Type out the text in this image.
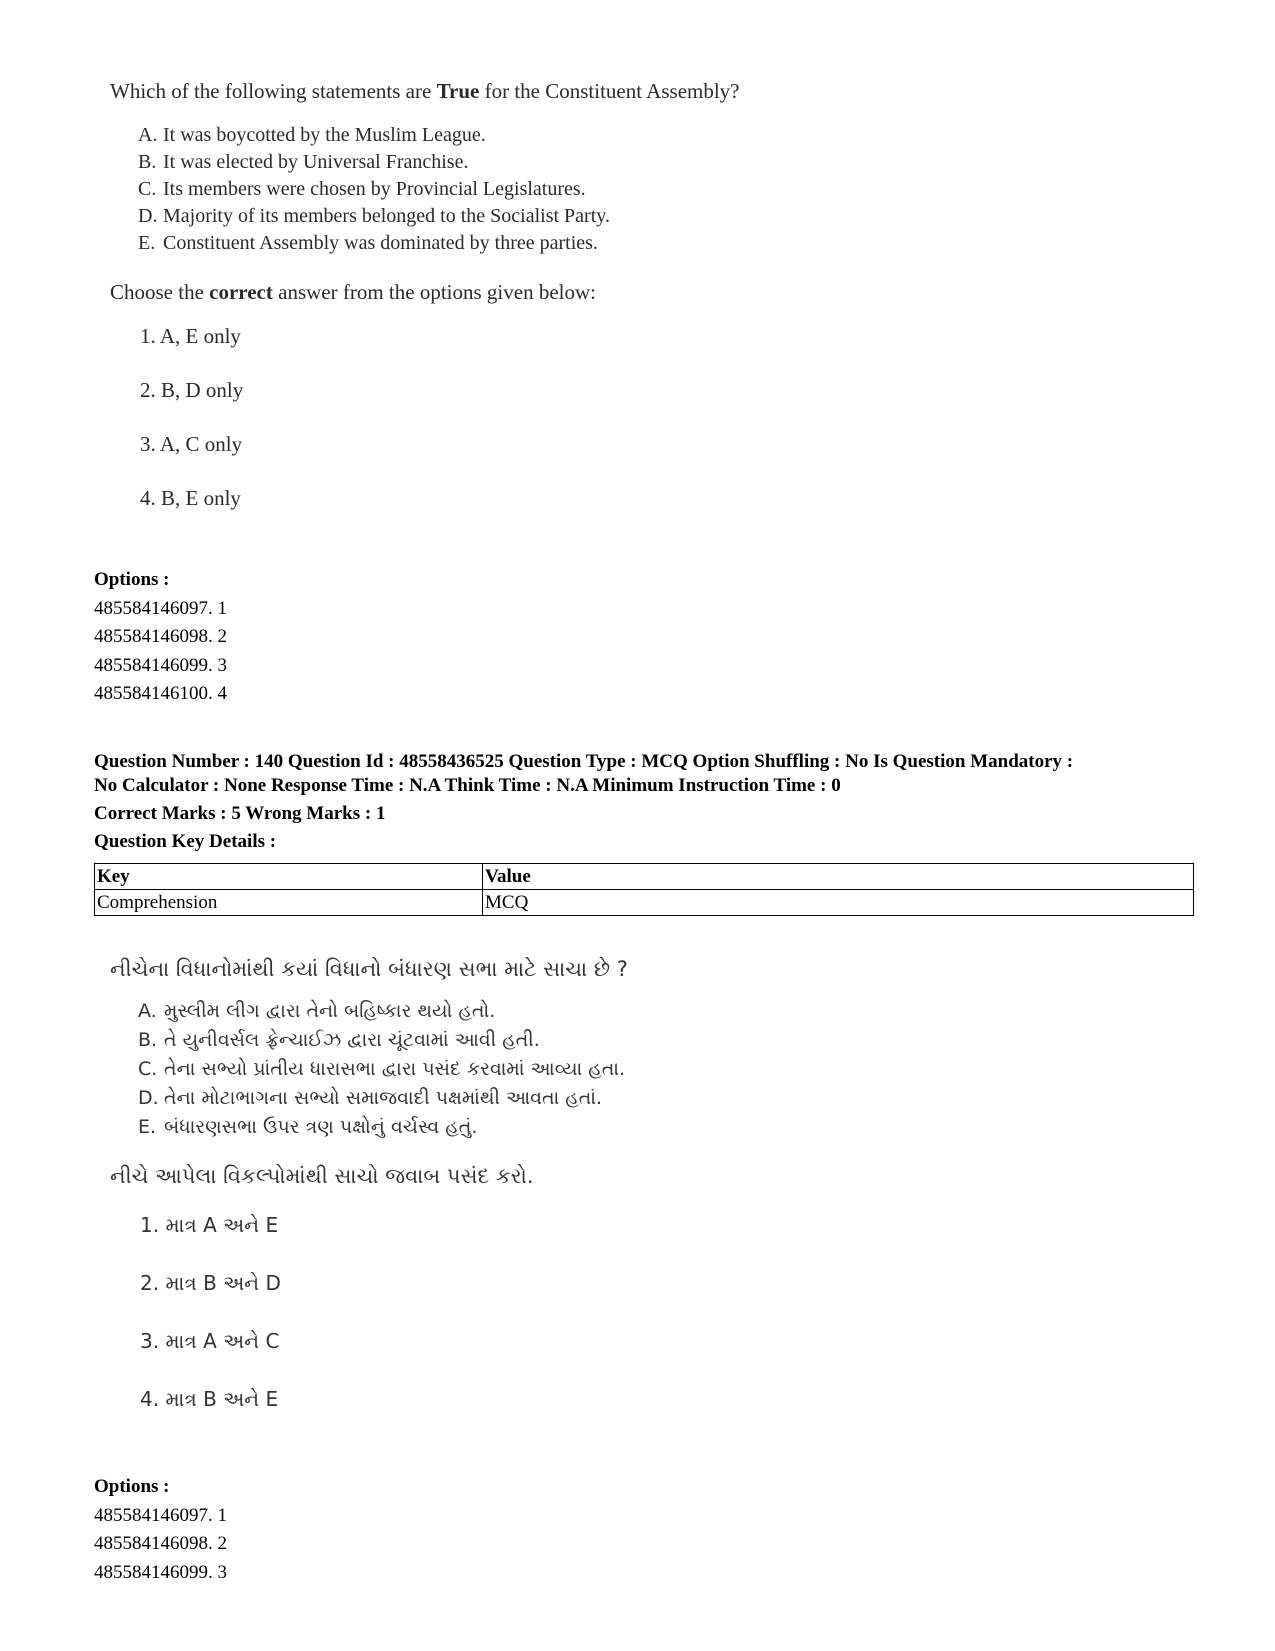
Which of the following statements are True for the Constituent Assembly?

A. It was boycotted by the Muslim League.
B. It was elected by Universal Franchise.
C. Its members were chosen by Provincial Legislatures.
D. Majority of its members belonged to the Socialist Party.
E. Constituent Assembly was dominated by three parties.

Choose the correct answer from the options given below:

1. A, E only
2. B, D only
3. A, C only
4. B, E only
Options :
485584146097. 1
485584146098. 2
485584146099. 3
485584146100. 4
Question Number : 140 Question Id : 48558436525 Question Type : MCQ Option Shuffling : No Is Question Mandatory :
No Calculator : None Response Time : N.A Think Time : N.A Minimum Instruction Time : 0
Correct Marks : 5 Wrong Marks : 1
Question Key Details :
Key	Value
Comprehension	MCQ

નીચેના વિધાનોમાંથી કયાં વિધાનો બંધારણ સભા માટે સાચા છે ?

A. મુસ્લીમ લીગ દ્વારા તેનો બહિષ્કાર થયો હતો.
B. તે યુનીવર્સલ ફ્રેન્ચાઈઝ દ્વારા ચૂંટવામાં આવી હતી.
C. તેના સભ્યો પ્રાંતીય ધારાસભા દ્વારા પસંદ કરવામાં આવ્યા હતા.
D. તેના મોટાભાગના સભ્યો સમાજવાદી પક્ષમાંથી આવતા હતાં.
E. બંધારણસભા ઉપર ત્રણ પક્ષોનું વર્ચસ્વ હતું.

નીચે આપેલા વિકલ્પોમાંથી સાચો જવાબ પસંદ કરો.

1. માત્ર A અને E
2. માત્ર B અને D
3. માત્ર A અને C
4. માત્ર B અને E
Options :
485584146097. 1
485584146098. 2
485584146099. 3
